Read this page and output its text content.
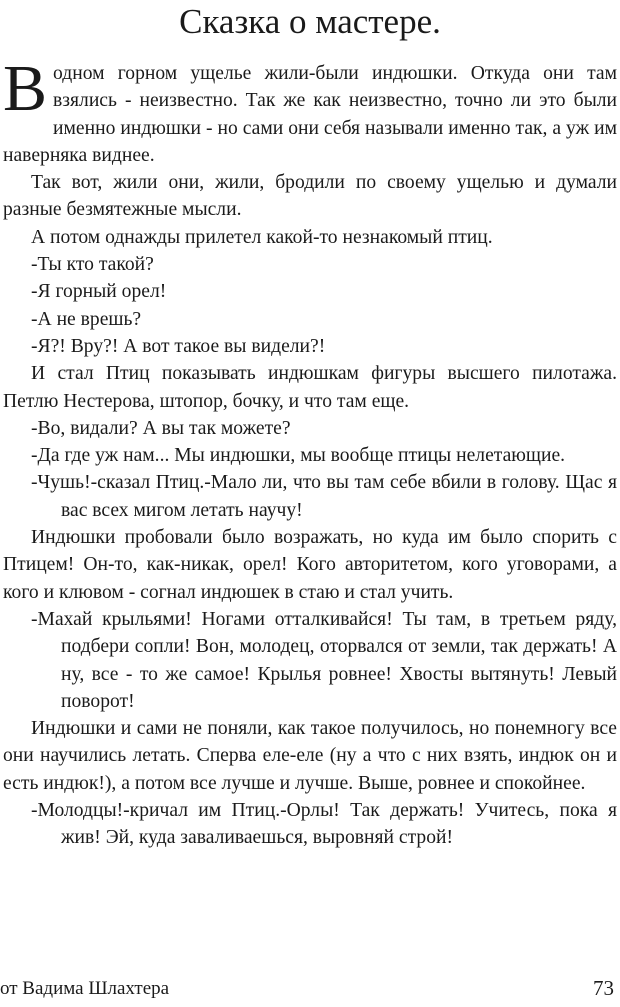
Сказка о мастере.

Водном горном ущелье жили-были индюшки. Откуда они там взялись - неизвестно. Так же как неизвестно, точно ли это были именно индюшки - но сами они себя называли именно так, а уж им наверняка виднее.

Так вот, жили они, жили, бродили по своему ущелью и думали разные безмятежные мысли.

А потом однажды прилетел какой-то незнакомый птиц.

-Ты кто такой?

-Я горный орел!

-А не врешь?

-Я?! Вру?! А вот такое вы видели?!

И стал Птиц показывать индюшкам фигуры высшего пилотажа. Петлю Нестерова, штопор, бочку, и что там еще.

-Во, видали? А вы так можете?

-Да где уж нам... Мы индюшки, мы вообще птицы нелетающие.

-Чушь!-сказал Птиц.-Мало ли, что вы там себе вбили в голову. Щас я вас всех мигом летать научу!

Индюшки пробовали было возражать, но куда им было спорить с Птицем! Он-то, как-никак, орел! Кого авторитетом, кого уговорами, а кого и клювом - согнал индюшек в стаю и стал учить.

-Махай крыльями! Ногами отталкивайся! Ты там, в третьем ряду, подбери сопли! Вон, молодец, оторвался от земли, так держать! А ну, все - то же самое! Крылья ровнее! Хвосты вытянуть! Левый поворот!

Индюшки и сами не поняли, как такое получилось, но понемногу все они научились летать. Сперва еле-еле (ну а что с них взять, индюк он и есть индюк!), а потом все лучше и лучше. Выше, ровнее и спокойнее.

-Молодцы!-кричал им Птиц.-Орлы! Так держать! Учитесь, пока я жив! Эй, куда заваливаешься, выровняй строй!

от Вадима Шлахтера	73
